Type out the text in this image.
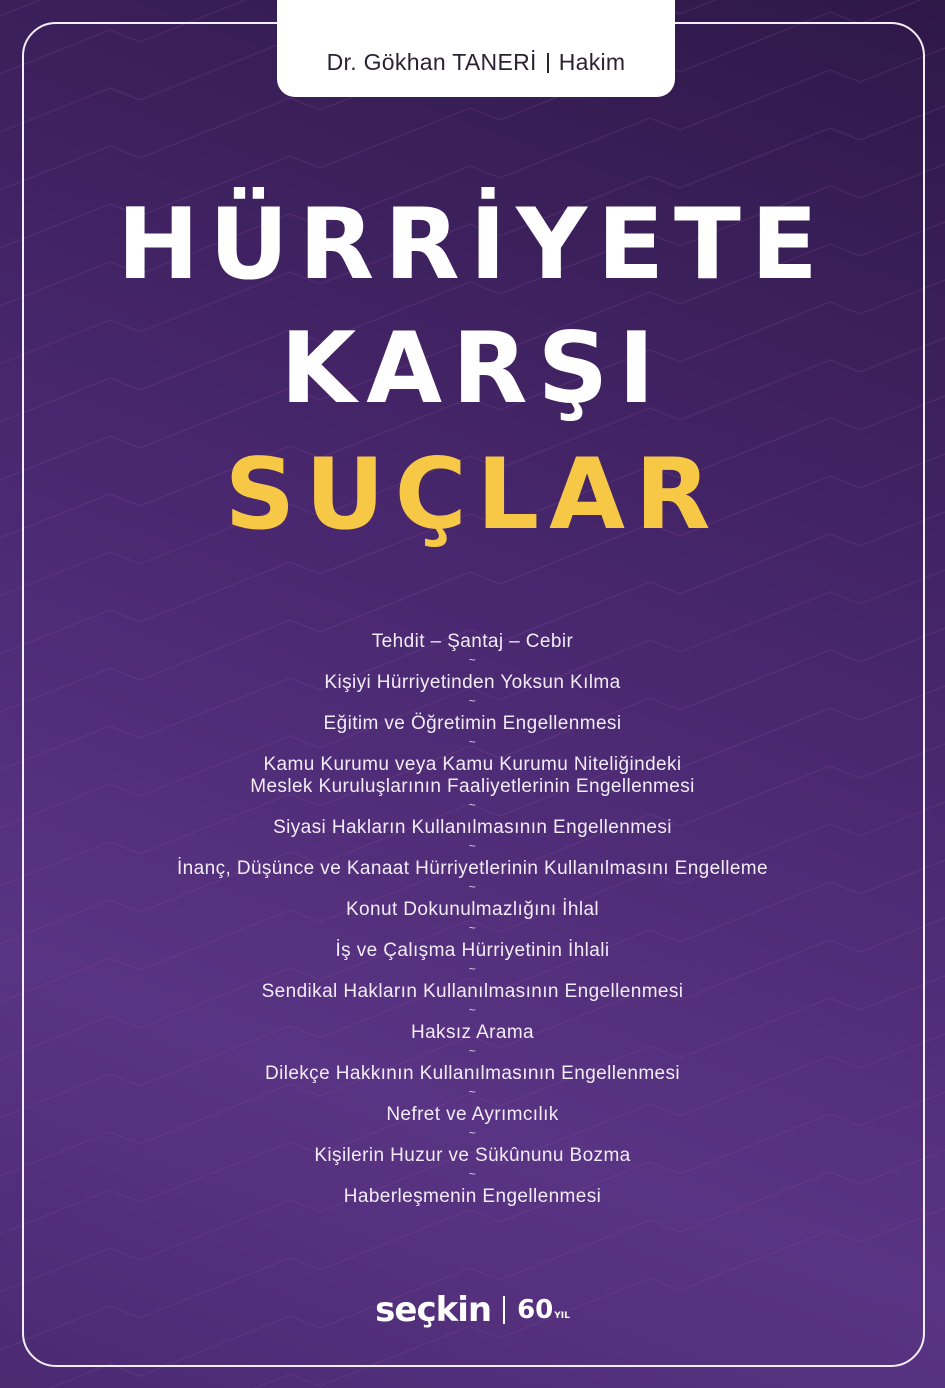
Dr. Gökhan TANERİ Hakim
HÜRRİYETE
KARŞI
SUÇLAR
Tehdit – Şantaj – Cebir
~
Kişiyi Hürriyetinden Yoksun Kılma
~
Eğitim ve Öğretimin Engellenmesi
~
Kamu Kurumu veya Kamu Kurumu Niteliğindeki
Meslek Kuruluşlarının Faaliyetlerinin Engellenmesi
~
Siyasi Hakların Kullanılmasının Engellenmesi
~
İnanç, Düşünce ve Kanaat Hürriyetlerinin Kullanılmasını Engelleme
~
Konut Dokunulmazlığını İhlal
~
İş ve Çalışma Hürriyetinin İhlali
~
Sendikal Hakların Kullanılmasının Engellenmesi
~
Haksız Arama
~
Dilekçe Hakkının Kullanılmasının Engellenmesi
~
Nefret ve Ayrımcılık
~
Kişilerin Huzur ve Sükûnunu Bozma
~
Haberleşmenin Engellenmesi
seçkin 60YIL
